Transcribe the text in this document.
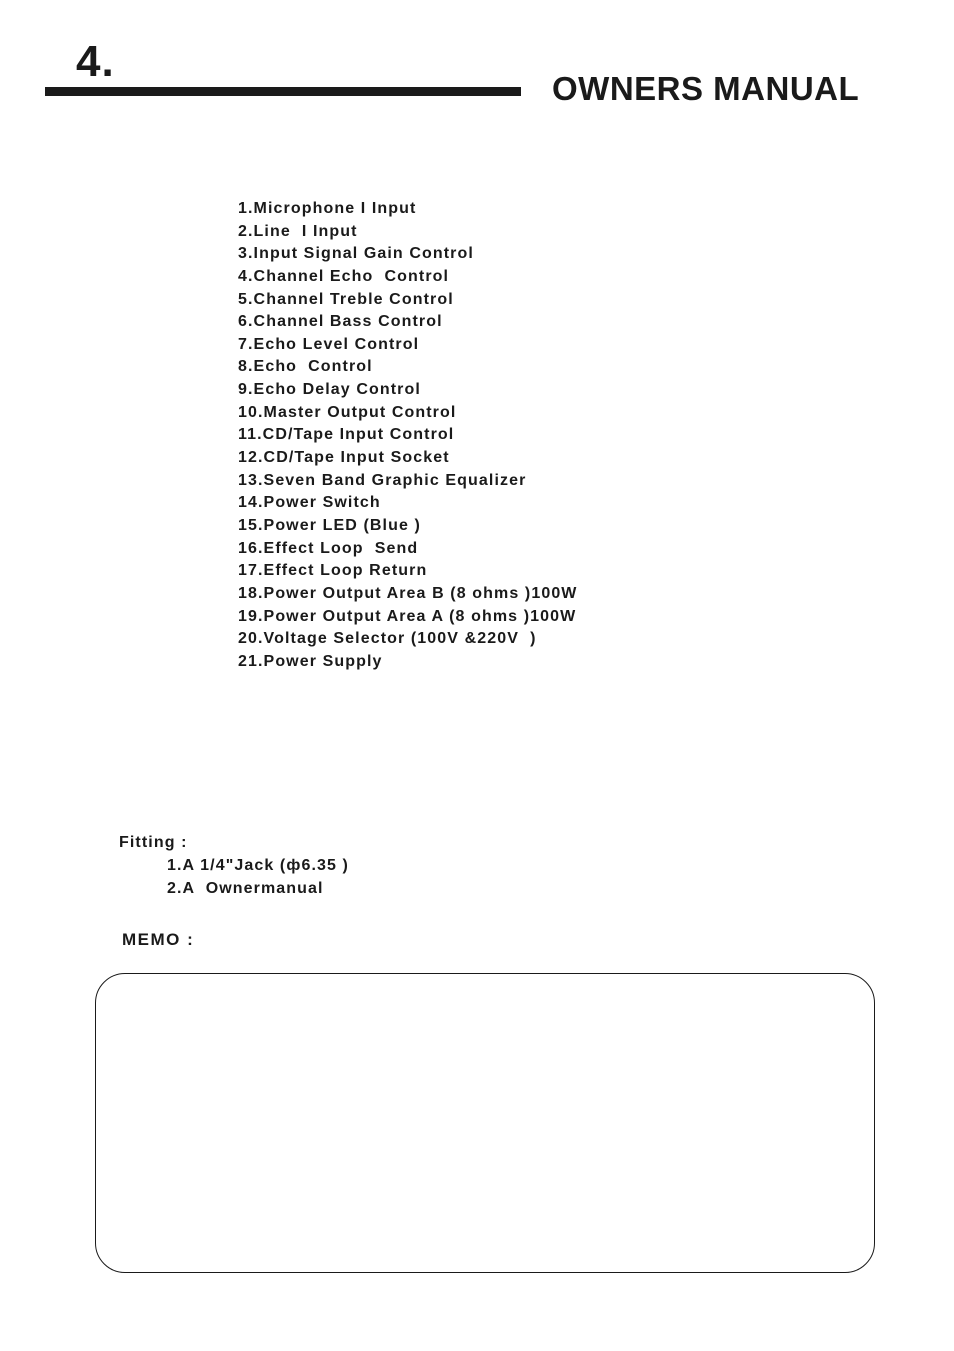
4.
OWNERS MANUAL
1.Microphone I Input
2.Line  I Input
3.Input Signal Gain Control
4.Channel Echo  Control
5.Channel Treble Control
6.Channel Bass Control
7.Echo Level Control
8.Echo  Control
9.Echo Delay Control
10.Master Output Control
11.CD/Tape Input Control
12.CD/Tape Input Socket
13.Seven Band Graphic Equalizer
14.Power Switch
15.Power LED (Blue )
16.Effect Loop  Send
17.Effect Loop Return
18.Power Output Area B (8 ohms )100W
19.Power Output Area A (8 ohms )100W
20.Voltage Selector (100V &220V  )
21.Power Supply
Fitting :
1.A 1/4"Jack (ф6.35 )
2.A  Ownermanual
MEMO :
